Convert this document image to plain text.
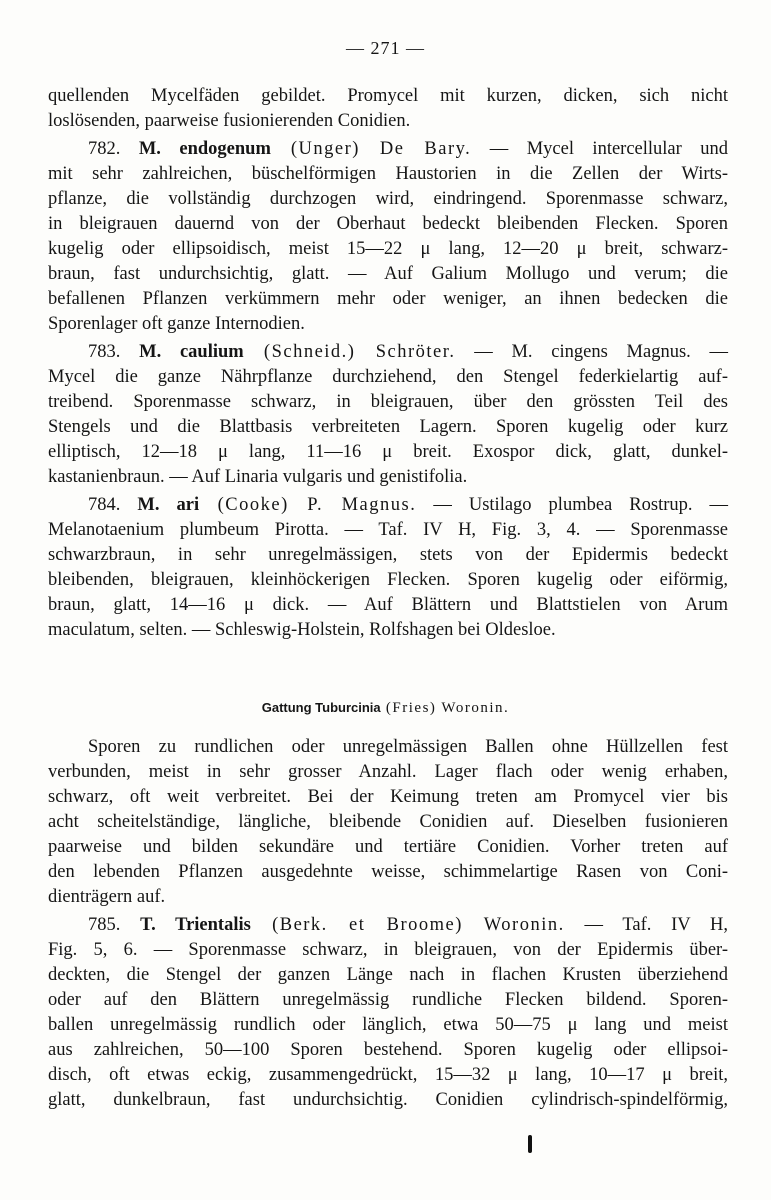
— 271 —
quellenden Mycelfäden gebildet. Promycel mit kurzen, dicken, sich nicht
loslösenden, paarweise fusionierenden Conidien.
782. M. endogenum (Unger) De Bary. — Mycel intercellular und
mit sehr zahlreichen, büschelförmigen Haustorien in die Zellen der Wirts-
pflanze, die vollständig durchzogen wird, eindringend. Sporenmasse schwarz,
in bleigrauen dauernd von der Oberhaut bedeckt bleibenden Flecken. Sporen
kugelig oder ellipsoidisch, meist 15—22 μ lang, 12—20 μ breit, schwarz-
braun, fast undurchsichtig, glatt. — Auf Galium Mollugo und verum; die
befallenen Pflanzen verkümmern mehr oder weniger, an ihnen bedecken die
Sporenlager oft ganze Internodien.
783. M. caulium (Schneid.) Schröter. — M. cingens Magnus. —
Mycel die ganze Nährpflanze durchziehend, den Stengel federkielartig auf-
treibend. Sporenmasse schwarz, in bleigrauen, über den grössten Teil des
Stengels und die Blattbasis verbreiteten Lagern. Sporen kugelig oder kurz
elliptisch, 12—18 μ lang, 11—16 μ breit. Exospor dick, glatt, dunkel-
kastanienbraun. — Auf Linaria vulgaris und genistifolia.
784. M. ari (Cooke) P. Magnus. — Ustilago plumbea Rostrup. —
Melanotaenium plumbeum Pirotta. — Taf. IV H, Fig. 3, 4. — Sporenmasse
schwarzbraun, in sehr unregelmässigen, stets von der Epidermis bedeckt
bleibenden, bleigrauen, kleinhöckerigen Flecken. Sporen kugelig oder eiförmig,
braun, glatt, 14—16 μ dick. — Auf Blättern und Blattstielen von Arum
maculatum, selten. — Schleswig-Holstein, Rolfshagen bei Oldesloe.
Gattung Tuburcinia (Fries) Woronin.
Sporen zu rundlichen oder unregelmässigen Ballen ohne Hüllzellen fest
verbunden, meist in sehr grosser Anzahl. Lager flach oder wenig erhaben,
schwarz, oft weit verbreitet. Bei der Keimung treten am Promycel vier bis
acht scheitelständige, längliche, bleibende Conidien auf. Dieselben fusionieren
paarweise und bilden sekundäre und tertiäre Conidien. Vorher treten auf
den lebenden Pflanzen ausgedehnte weisse, schimmelartige Rasen von Coni-
dienträgern auf.
785. T. Trientalis (Berk. et Broome) Woronin. — Taf. IV H,
Fig. 5, 6. — Sporenmasse schwarz, in bleigrauen, von der Epidermis über-
deckten, die Stengel der ganzen Länge nach in flachen Krusten überziehend
oder auf den Blättern unregelmässig rundliche Flecken bildend. Sporen-
ballen unregelmässig rundlich oder länglich, etwa 50—75 μ lang und meist
aus zahlreichen, 50—100 Sporen bestehend. Sporen kugelig oder ellipsoi-
disch, oft etwas eckig, zusammengedrückt, 15—32 μ lang, 10—17 μ breit,
glatt, dunkelbraun, fast undurchsichtig. Conidien cylindrisch-spindelförmig,
